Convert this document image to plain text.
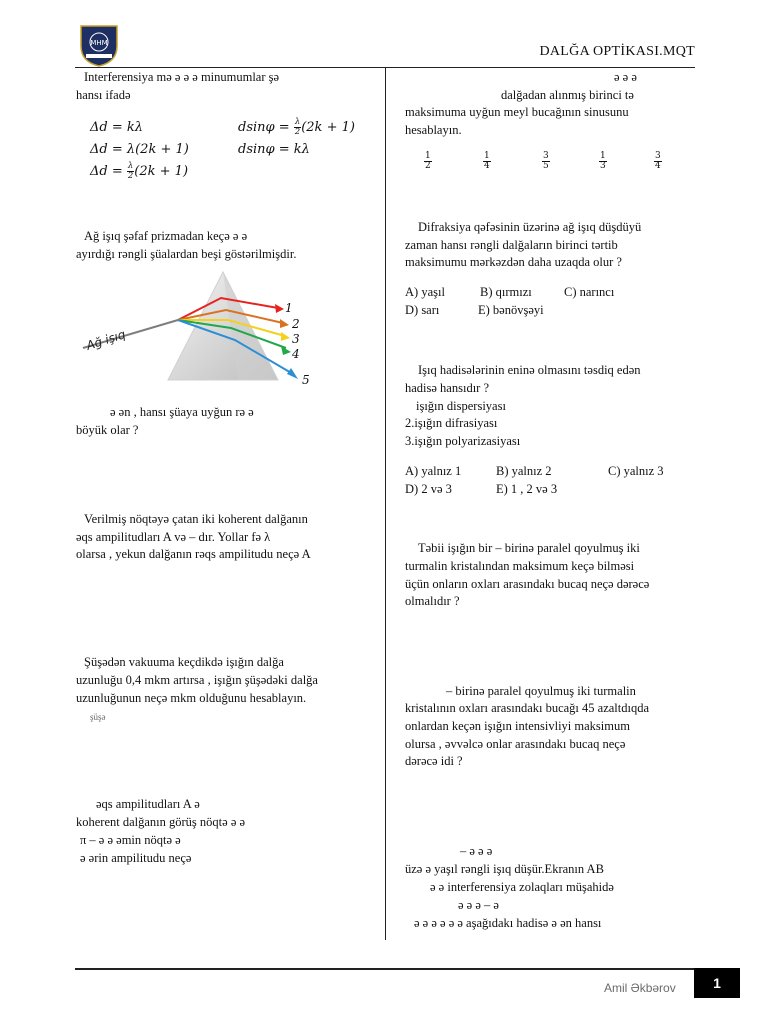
MHM
DALĞA OPTİKASI.MQT
Interferensiya mə ə ə ə minumumlar şə
hansı ifadə
Δd = kλ
Δd = λ(2k + 1)
$\Delta d = \frac{\lambda}{2} (2k + 1)$
$dsin\varphi = \frac{\lambda}{2} (2k + 1)$
dsinφ = kλ
Ağ işıq şəfaf prizmadan keçə ə ə
ayırdığı rəngli şüalardan beşi göstərilmişdir.
Ağ işıq
1
2
3
4
5
ə ən , hansı şüaya uyğun rə ə
böyük olar ?
Verilmiş nöqtəyə çatan iki koherent dalğanın
əqs ampilitudları A və – dır. Yollar fə λ
olarsa , yekun dalğanın rəqs ampilitudu neçə A
Şüşədən vakuuma keçdikdə işığın dalğa
uzunluğu 0,4 mkm artırsa , işığın şüşədəki dalğa
uzunluğunun neçə mkm olduğunu hesablayın.
şüşə
əqs ampilitudları A ə
koherent dalğanın görüş nöqtə ə ə
π – ə ə əmin nöqtə ə
ə ərin ampilitudu neçə
ə ə ə
dalğadan alınmış birinci tə
maksimuma uyğun meyl bucağının sinusunu
hesablayın.
$\frac{1}{2}$	$\frac{1}{4}$	$\frac{3}{5}$	$\frac{1}{3}$	$\frac{3}{4}$
Difraksiya qəfəsinin üzərinə ağ işıq düşdüyü
zaman hansı rəngli dalğaların birinci tərtib
maksimumu mərkəzdən daha uzaqda olur ?
A) yaşıl	B) qırmızı	C) narıncı
D) sarı	E) bənövşəyi
Işıq hadisələrinin eninə olmasını təsdiq edən
hadisə hansıdır ?
işığın dispersiyası
2.işığın difrasiyası
3.işığın polyarizasiyası
A) yalnız 1	B) yalnız 2	C) yalnız 3
D) 2 və 3	E) 1 , 2 və 3
Təbii işığın bir – birinə paralel qoyulmuş iki
turmalin kristalından maksimum keçə bilməsi
üçün onların oxları arasındakı bucaq neçə dərəcə
olmalıdır ?
– birinə paralel qoyulmuş iki turmalin
kristalının oxları arasındakı bucağı 45 azaltdıqda
onlardan keçən işığın intensivliyi maksimum
olursa , əvvəlcə onlar arasındakı bucaq neçə
dərəcə idi ?
– ə ə ə
üzə ə yaşıl rəngli işıq düşür.Ekranın AB
ə ə interferensiya zolaqları müşahidə
ə ə ə – ə
ə ə ə ə ə ə aşağıdakı hadisə ə ən hansı
Amil Əkbərov	1
